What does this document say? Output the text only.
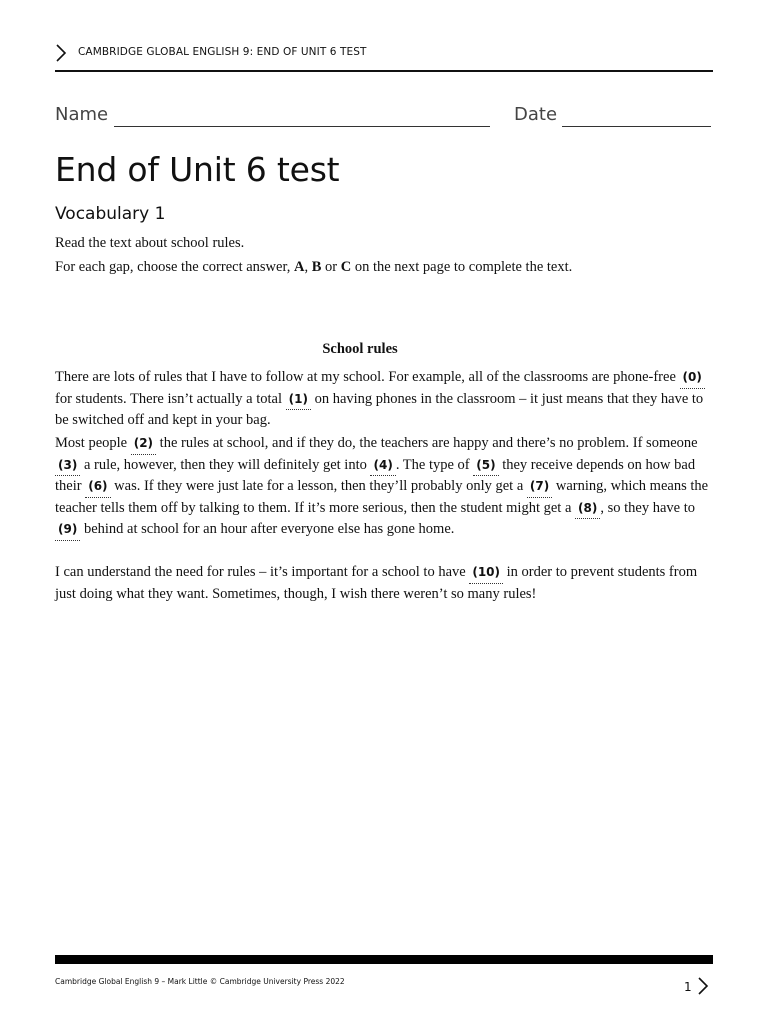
CAMBRIDGE GLOBAL ENGLISH 9: END OF UNIT 6 TEST
Name	Date
End of Unit 6 test
Vocabulary 1
Read the text about school rules.
For each gap, choose the correct answer, A, B or C on the next page to complete the text.
School rules

There are lots of rules that I have to follow at my school. For example, all of the classrooms are phone-free (0) for students. There isn’t actually a total (1) on having phones in the classroom – it just means that they have to be switched off and kept in your bag.

Most people (2) the rules at school, and if they do, the teachers are happy and there’s no problem. If someone (3) a rule, however, then they will definitely get into (4) . The type of (5) they receive depends on how bad their (6) was. If they were just late for a lesson, then they’ll probably only get a (7) warning, which means the teacher tells them off by talking to them. If it’s more serious, then the student might get a (8) , so they have to (9) behind at school for an hour after everyone else has gone home.

I can understand the need for rules – it’s important for a school to have (10) in order to prevent students from just doing what they want. Sometimes, though, I wish there weren’t so many rules!

Cambridge Global English 9 – Mark Little © Cambridge University Press 2022	1
